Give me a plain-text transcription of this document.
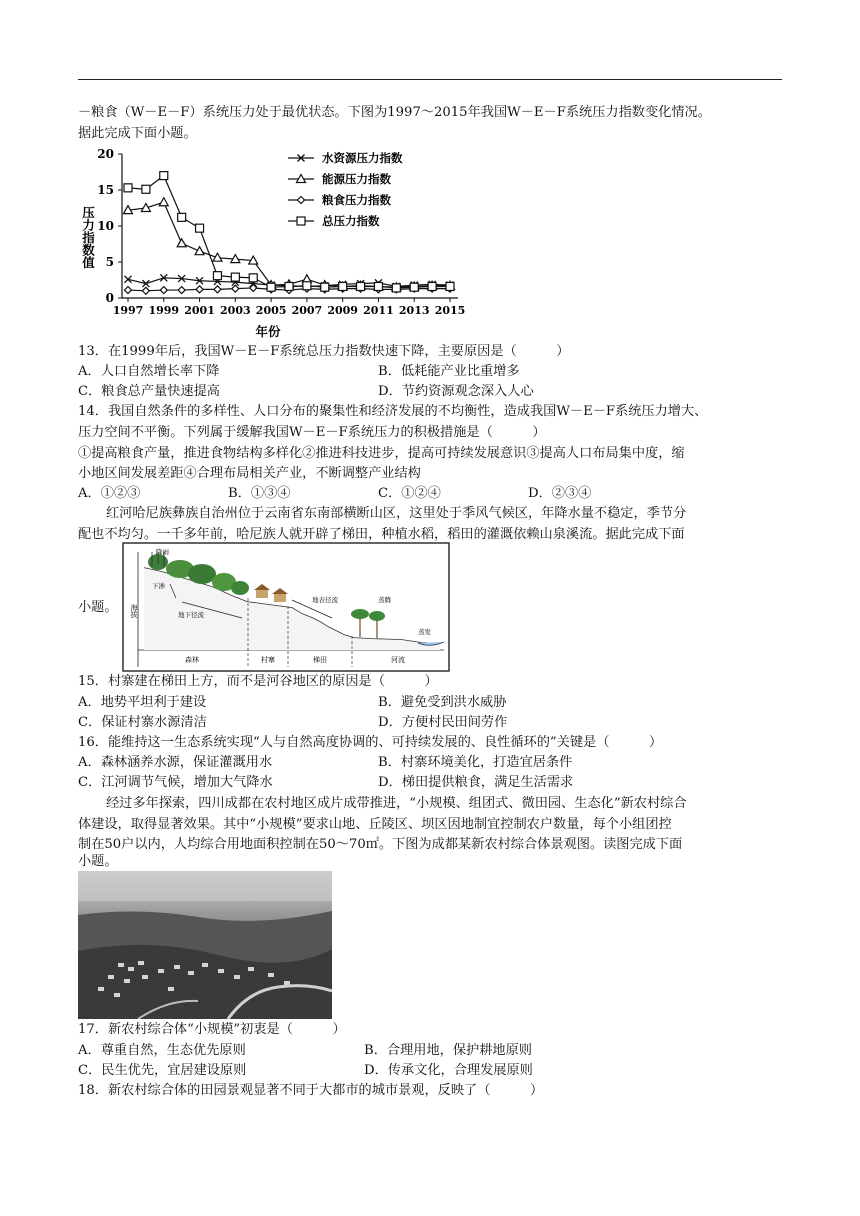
－粮食（W－E－F）系统压力处于最优状态。下图为1997～2015年我国W－E－F系统压力指数变化情况。
据此完成下面小题。
0
5
10
15
20
1997 1999 2001 2003 2005 2007 2009 2011 2013 2015
水资源压力指数
能源压力指数
粮食压力指数
总压力指数
压力指数值
年份
13．在1999年后，我国W－E－F系统总压力指数快速下降，主要原因是（　　　）
A．人口自然增长率下降	B．低耗能产业比重增多
C．粮食总产量快速提高	D．节约资源观念深入人心
14．我国自然条件的多样性、人口分布的聚集性和经济发展的不均衡性，造成我国W－E－F系统压力增大、
压力空间不平衡。下列属于缓解我国W－E－F系统压力的积极措施是（　　　）
①提高粮食产量，推进食物结构多样化②推进科技进步，提高可持续发展意识③提高人口布局集中度，缩
小地区间发展差距④合理布局相关产业，不断调整产业结构
A．①②③	B．①③④	C．①②④	D．②③④
红河哈尼族彝族自治州位于云南省东南部横断山区，这里处于季风气候区，年降水量不稳定，季节分
配也不均匀。一千多年前，哈尼族人就开辟了梯田，种植水稻，稻田的灌溉依赖山泉溪流。据此完成下面
小题。 海拔
降雨
下渗
地下径流
地表径流	蒸腾
蒸发
森林	村寨	梯田	河流
15．村寨建在梯田上方，而不是河谷地区的原因是（　　　）
A．地势平坦利于建设	B．避免受到洪水威胁
C．保证村寨水源清洁	D．方便村民田间劳作
16．能维持这一生态系统实现“人与自然高度协调的、可持续发展的、良性循环的”关键是（　　　）
A．森林涵养水源，保证灌溉用水	B．村寨环境美化，打造宜居条件
C．江河调节气候，增加大气降水	D．梯田提供粮食，满足生活需求
经过多年探索，四川成都在农村地区成片成带推进，“小规模、组团式、微田园、生态化”新农村综合
体建设，取得显著效果。其中“小规模”要求山地、丘陵区、坝区因地制宜控制农户数量，每个小组团控
制在50户以内，人均综合用地面积控制在50～70㎡。下图为成都某新农村综合体景观图。读图完成下面
小题。
17．新农村综合体“小规模”初衷是（　　　）
A．尊重自然，生态优先原则	B．合理用地，保护耕地原则
C．民生优先，宜居建设原则	D．传承文化，合理发展原则
18．新农村综合体的田园景观显著不同于大都市的城市景观，反映了（　　　）
